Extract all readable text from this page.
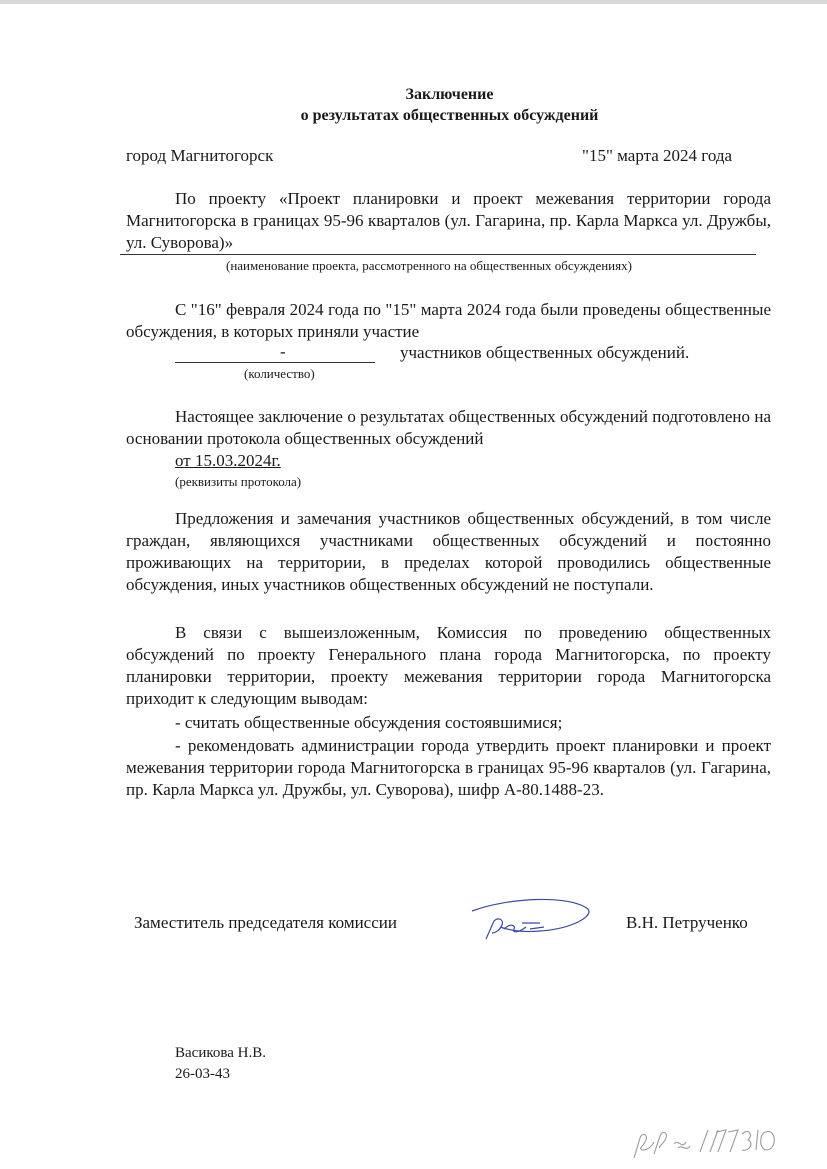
Заключение
о результатах общественных обсуждений
город Магнитогорск	"15" марта 2024 года
По проекту «Проект планировки и проект межевания территории города Магнитогорска в границах 95-96 кварталов (ул. Гагарина, пр. Карла Маркса ул. Дружбы, ул. Суворова)»
(наименование проекта, рассмотренного на общественных обсуждениях)
С "16" февраля 2024 года по "15" марта 2024 года были проведены общественные обсуждения, в которых приняли участие
-	участников общественных обсуждений.
(количество)
Настоящее заключение о результатах общественных обсуждений подготовлено на основании протокола общественных обсуждений
от 15.03.2024г.
(реквизиты протокола)
Предложения и замечания участников общественных обсуждений, в том числе граждан, являющихся участниками общественных обсуждений и постоянно проживающих на территории, в пределах которой проводились общественные обсуждения, иных участников общественных обсуждений не поступали.
В связи с вышеизложенным, Комиссия по проведению общественных обсуждений по проекту Генерального плана города Магнитогорска, по проекту планировки территории, проекту межевания территории города Магнитогорска приходит к следующим выводам:
- считать общественные обсуждения состоявшимися;
- рекомендовать администрации города утвердить проект планировки и проект межевания территории города Магнитогорска в границах 95-96 кварталов (ул. Гагарина, пр. Карла Маркса ул. Дружбы, ул. Суворова), шифр А-80.1488-23.
Заместитель председателя комиссии	В.Н. Петрученко
Васикова Н.В.
26-03-43
